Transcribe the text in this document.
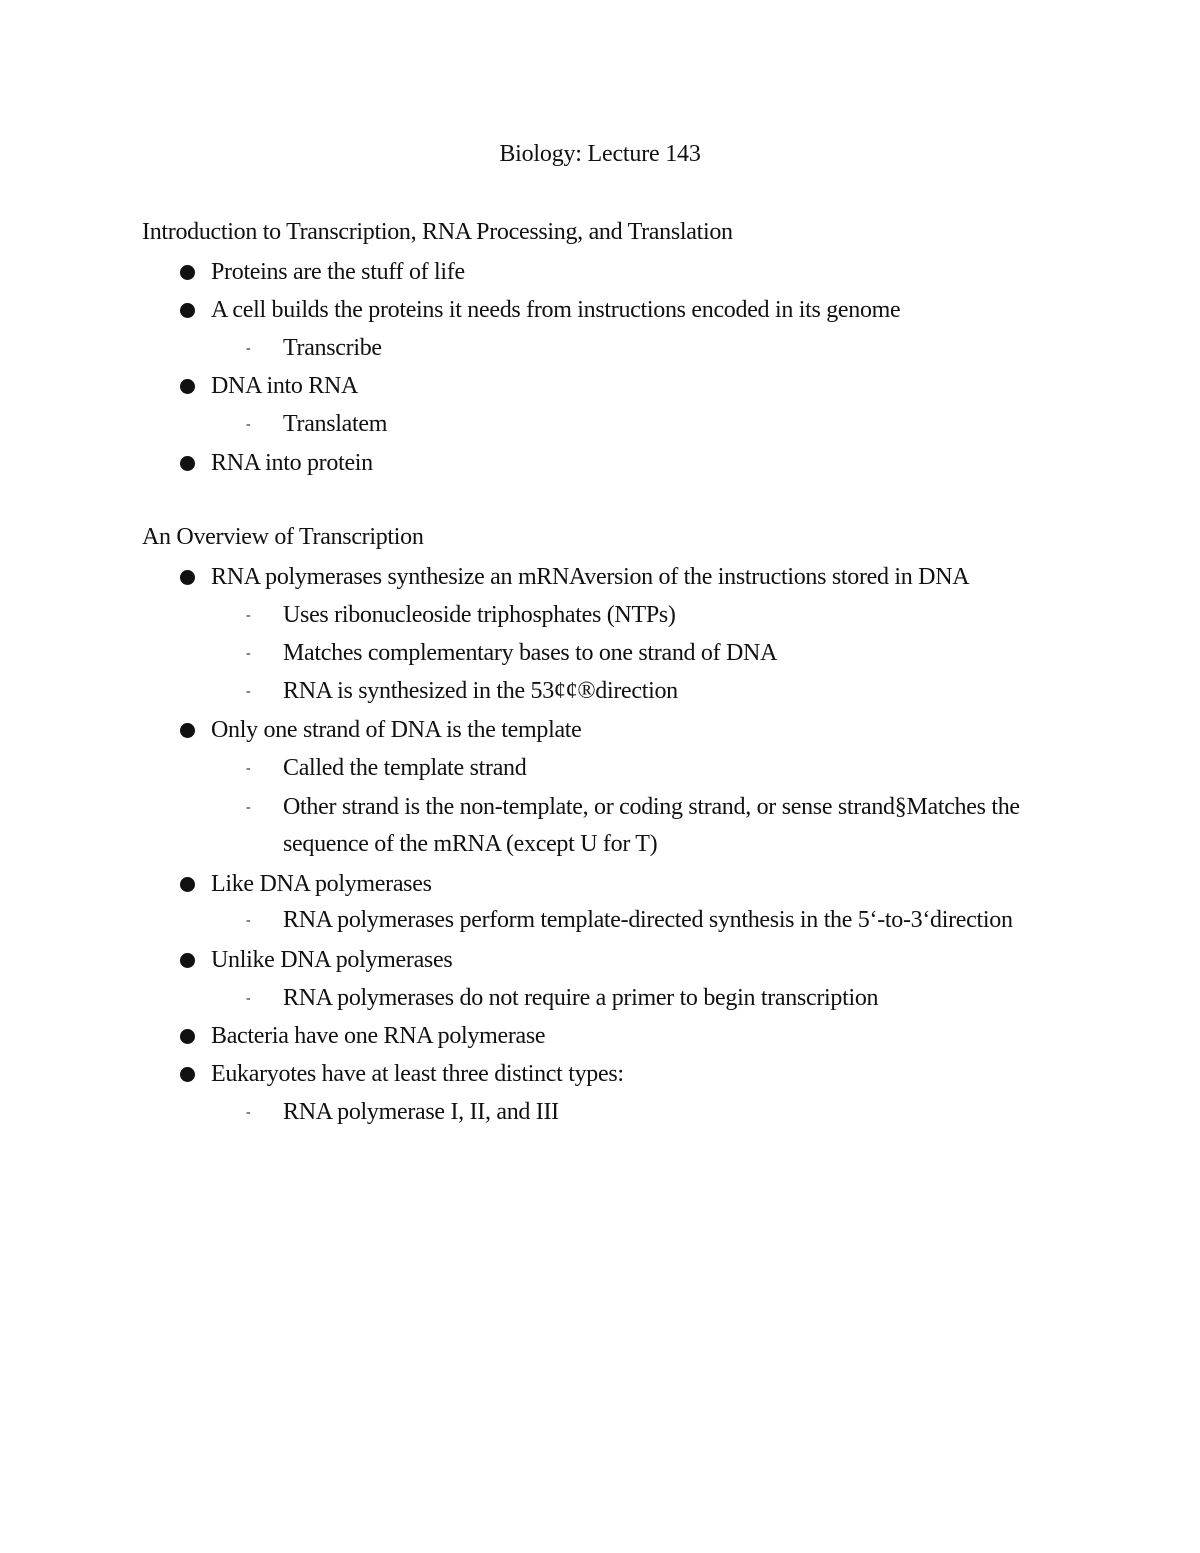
Biology: Lecture 143
Introduction to Transcription, RNA Processing, and Translation
Proteins are the stuff of life
A cell builds the proteins it needs from instructions encoded in its genome
-	Transcribe
DNA into RNA
-	Translatem
RNA into protein
An Overview of Transcription
RNA polymerases synthesize an mRNAversion of the instructions stored in DNA
-	Uses ribonucleoside triphosphates (NTPs)
-	Matches complementary bases to one strand of DNA
-	RNA is synthesized in the 53¢¢®direction
Only one strand of DNA is the template
-	Called the template strand
-	Other strand is the non-template, or coding strand, or sense strand§Matches the sequence of the mRNA (except U for T)
Like DNA polymerases
-	RNA polymerases perform template-directed synthesis in the 5‘-to-3‘direction
Unlike DNA polymerases
-	RNA polymerases do not require a primer to begin transcription
Bacteria have one RNA polymerase
Eukaryotes have at least three distinct types:
-	RNA polymerase I, II, and III
